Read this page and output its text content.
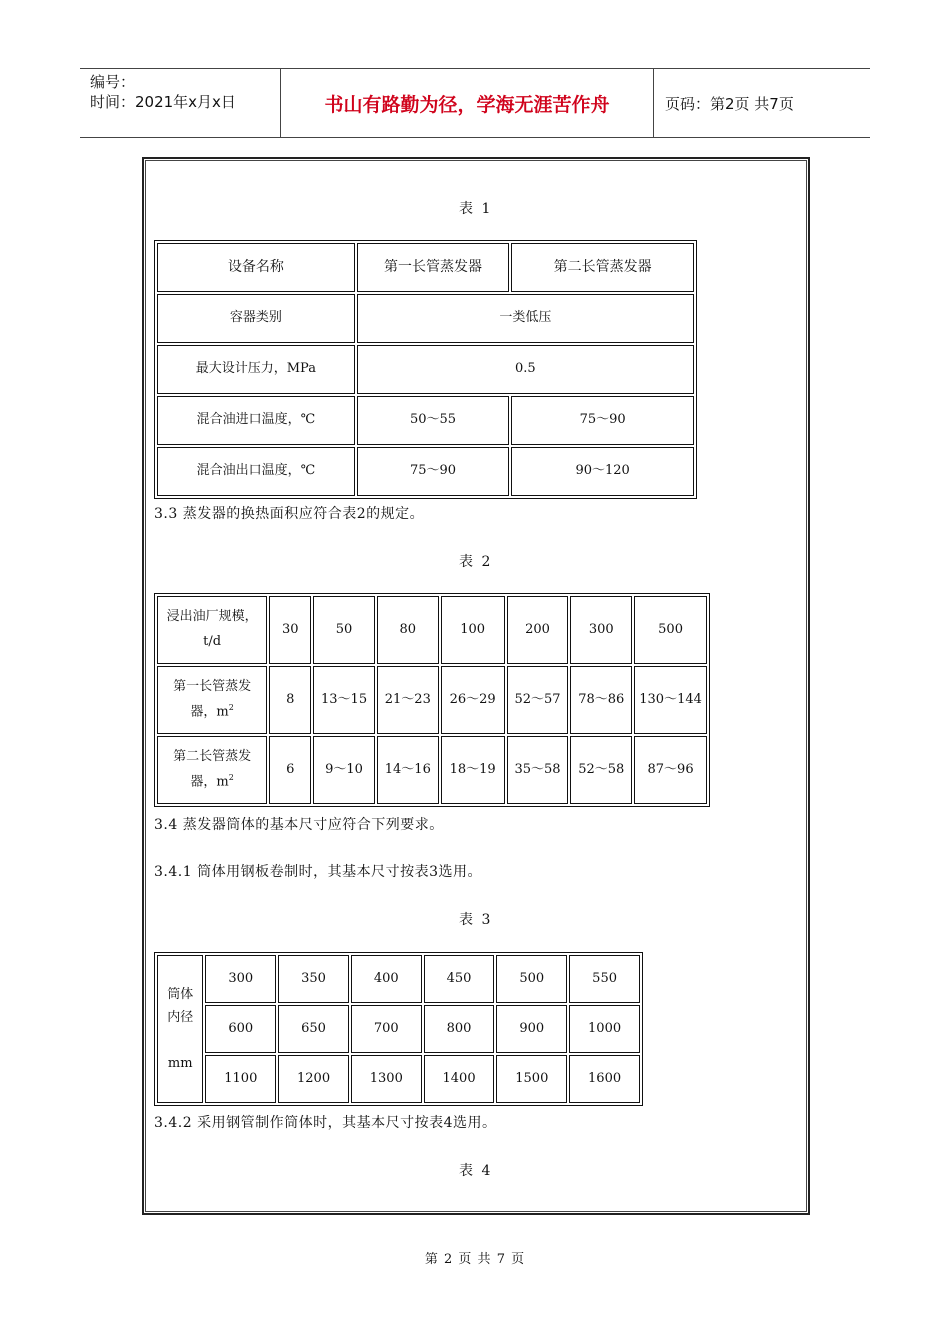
编号：
时间：2021年x月x日	书山有路勤为径，学海无涯苦作舟	页码：第2页 共7页
表 1
设备名称	第一长管蒸发器	第二长管蒸发器
容器类别	一类低压	
最大设计压力，MPa	0.5	
混合油进口温度，℃	50～55	75～90
混合油出口温度，℃	75～90	90～120
3.3 蒸发器的换热面积应符合表2的规定。
表 2
浸出油厂规模，t/d	30	50	80	100	200	300	500
第一长管蒸发器，$m^2$	8	13～15	21～23	26～29	52～57	78～86	130～144
第二长管蒸发器，$m^2$	6	9～10	14～16	18～19	35～58	52～58	87～96
3.4 蒸发器筒体的基本尺寸应符合下列要求。
3.4.1 筒体用钢板卷制时，其基本尺寸按表3选用。
表 3
筒体
内径
mm	300	350	400	450	500	550
	600	650	700	800	900	1000
	1100	1200	1300	1400	1500	1600
3.4.2 采用钢管制作筒体时，其基本尺寸按表4选用。
表 4
第 2 页 共 7 页
